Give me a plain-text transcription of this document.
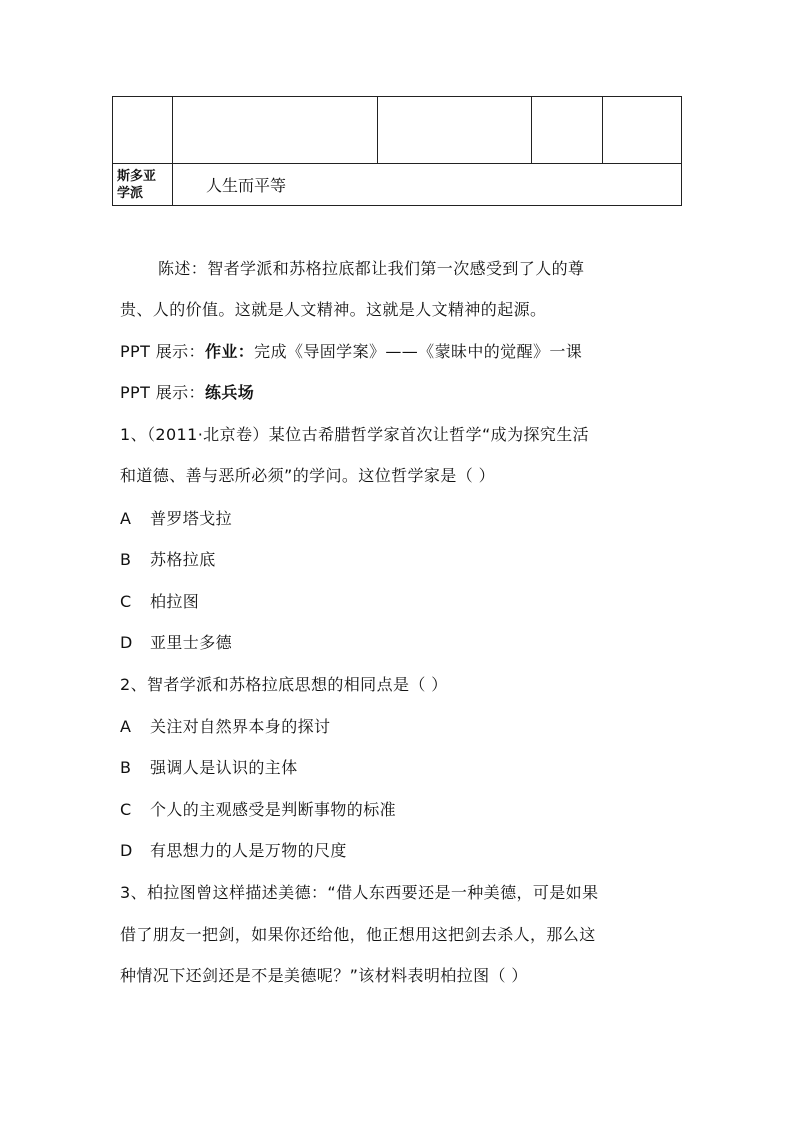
斯多亚
学派	人生而平等			
陈述：智者学派和苏格拉底都让我们第一次感受到了人的尊
贵、人的价值。这就是人文精神。这就是人文精神的起源。
PPT 展示：作业：完成《导固学案》——《蒙昧中的觉醒》一课
PPT 展示：练兵场
1、（2011·北京卷）某位古希腊哲学家首次让哲学“成为探究生活
和道德、善与恶所必须”的学问。这位哲学家是（ ）
A 普罗塔戈拉
B 苏格拉底
C 柏拉图
D 亚里士多德
2、智者学派和苏格拉底思想的相同点是（ ）
A 关注对自然界本身的探讨
B 强调人是认识的主体
C 个人的主观感受是判断事物的标准
D 有思想力的人是万物的尺度
3、柏拉图曾这样描述美德：“借人东西要还是一种美德，可是如果
借了朋友一把剑，如果你还给他，他正想用这把剑去杀人，那么这
种情况下还剑还是不是美德呢？”该材料表明柏拉图（ ）
